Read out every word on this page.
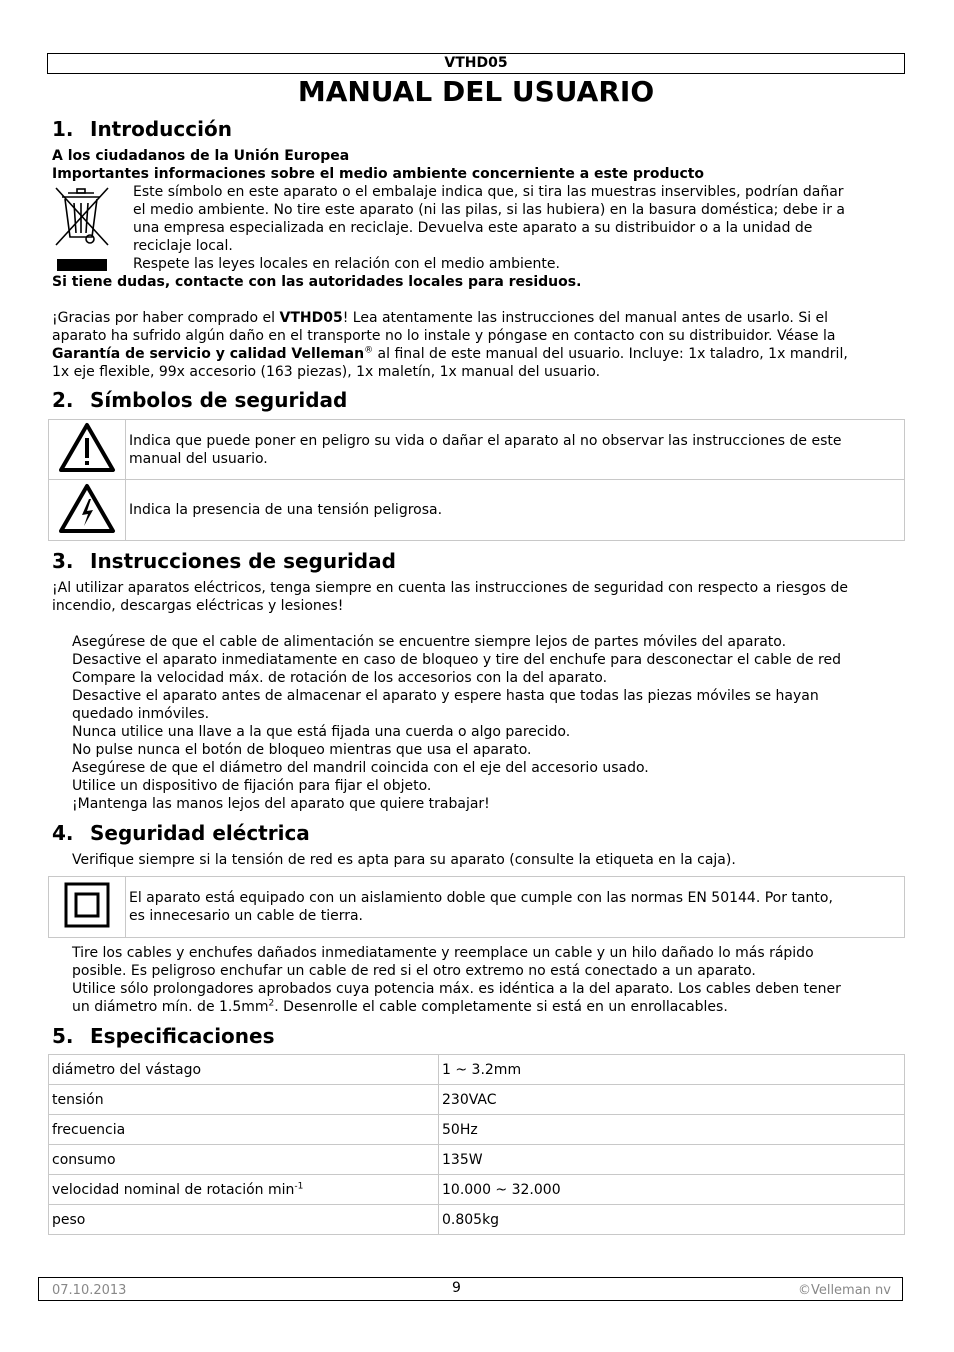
VTHD05
MANUAL DEL USUARIO
1. Introducción
A los ciudadanos de la Unión Europea
Importantes informaciones sobre el medio ambiente concerniente a este producto
Este símbolo en este aparato o el embalaje indica que, si tira las muestras inservibles, podrían dañar
el medio ambiente. No tire este aparato (ni las pilas, si las hubiera) en la basura doméstica; debe ir a
una empresa especializada en reciclaje. Devuelva este aparato a su distribuidor o a la unidad de
reciclaje local.
Respete las leyes locales en relación con el medio ambiente.
Si tiene dudas, contacte con las autoridades locales para residuos.
¡Gracias por haber comprado el VTHD05! Lea atentamente las instrucciones del manual antes de usarlo. Si el
aparato ha sufrido algún daño en el transporte no lo instale y póngase en contacto con su distribuidor. Véase la
Garantía de servicio y calidad Velleman® al final de este manual del usuario. Incluye: 1x taladro, 1x mandril,
1x eje flexible, 99x accesorio (163 piezas), 1x maletín, 1x manual del usuario.
2. Símbolos de seguridad

Indica que puede poner en peligro su vida o dañar el aparato al no observar las instrucciones de este
manual del usuario.

Indica la presencia de una tensión peligrosa.
3. Instrucciones de seguridad
¡Al utilizar aparatos eléctricos, tenga siempre en cuenta las instrucciones de seguridad con respecto a riesgos de
incendio, descargas eléctricas y lesiones!
Asegúrese de que el cable de alimentación se encuentre siempre lejos de partes móviles del aparato.
Desactive el aparato inmediatamente en caso de bloqueo y tire del enchufe para desconectar el cable de red
Compare la velocidad máx. de rotación de los accesorios con la del aparato.
Desactive el aparato antes de almacenar el aparato y espere hasta que todas las piezas móviles se hayan
quedado inmóviles.
Nunca utilice una llave a la que está fijada una cuerda o algo parecido.
No pulse nunca el botón de bloqueo mientras que usa el aparato.
Asegúrese de que el diámetro del mandril coincida con el eje del accesorio usado.
Utilice un dispositivo de fijación para fijar el objeto.
¡Mantenga las manos lejos del aparato que quiere trabajar!
4. Seguridad eléctrica
Verifique siempre si la tensión de red es apta para su aparato (consulte la etiqueta en la caja).

El aparato está equipado con un aislamiento doble que cumple con las normas EN 50144. Por tanto,
es innecesario un cable de tierra.
Tire los cables y enchufes dañados inmediatamente y reemplace un cable y un hilo dañado lo más rápido
posible. Es peligroso enchufar un cable de red si el otro extremo no está conectado a un aparato.
Utilice sólo prolongadores aprobados cuya potencia máx. es idéntica a la del aparato. Los cables deben tener
un diámetro mín. de $1.5mm^2$. Desenrolle el cable completamente si está en un enrollacables.
5. Especificaciones
diámetro del vástago	1 ~ 3.2mm
tensión	230VAC
frecuencia	50Hz
consumo	135W
velocidad nominal de rotación $\min^{-1}$	10.000 ~ 32.000
peso	0.805kg
07.10.2013	9	©Velleman nv
